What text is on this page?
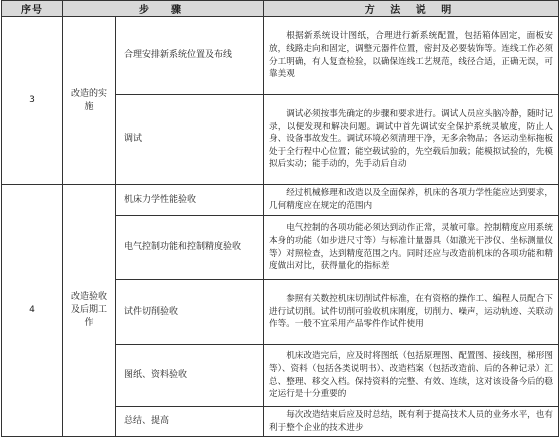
序号	步　骤		方 法 说 明
3	改造的实施	合理安排新系统位置及布线	根据新系统设计图纸，合理进行新系统配置，包括箱体固定，面板安放，线路走向和固定，调整元器件位置，密封及必要装饰等。连线工作必须分工明确，有人复查检验，以确保连线工艺规范，线径合适，正确无误，可靠美观
		调试	调试必须按事先确定的步骤和要求进行。调试人员应头脑冷静，随时记录，以便发现和解决问题。调试中首先调试安全保护系统灵敏度，防止人身、设备事故发生。调试环境必须清理干净，无多余物品；各运动坐标拖板处于全行程中心位置；能空载试验的，先空载后加载；能模拟试验的，先模拟后实动；能手动的，先手动后自动
4	改造验收及后期工作	机床力学性能验收	经过机械修理和改造以及全面保养，机床的各项力学性能应达到要求，几何精度应在规定的范围内
		电气控制功能和控制精度验收	电气控制的各项功能必须达到动作正常，灵敏可靠。控制精度应用系统本身的功能（如步进尺寸等）与标准计量器具（如激光干涉仪、坐标测量仪等）对照检查，达到精度范围之内。同时还应与改造前机床的各项功能和精度做出对比，获得量化的指标差
		试件切削验收	参照有关数控机床切削试件标准，在有资格的操作工、编程人员配合下进行试切削。试件切削可验收机床刚度，切削力、噪声，运动轨迹、关联动作等。一般不宜采用产品零件作试件使用
		图纸、资料验收	机床改造完后，应及时将图纸（包括原理图、配置图、接线图，梯形图等）、资料（包括各类说明书）、改造档案（包括改造前、后的各种记录）汇总、整理、移交入档。保持资料的完整、有效、连续，这对该设备今后的稳定运行是十分重要的
		总结、提高	每次改造结束后应及时总结，既有利于提高技术人员的业务水平，也有利于整个企业的技术进步
